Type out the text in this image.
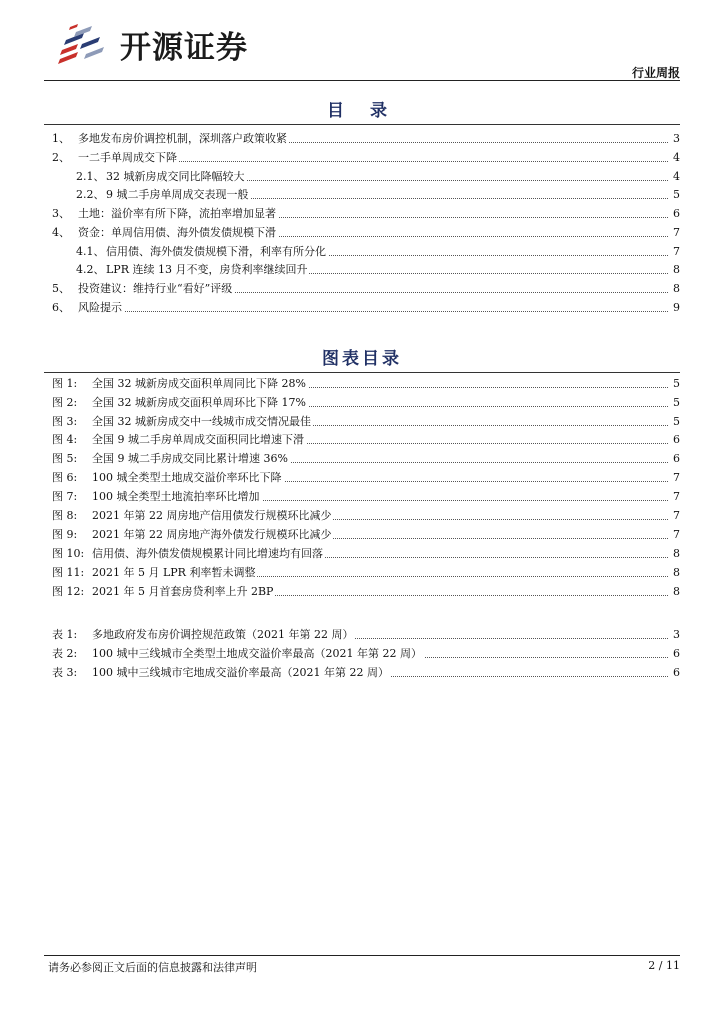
开源证券
行业周报
目 录
1、 多地发布房价调控机制，深圳落户政策收紧	3
2、 一二手单周成交下降	4
2.1、 32 城新房成交同比降幅较大	4
2.2、 9 城二手房单周成交表现一般	5
3、 土地：溢价率有所下降，流拍率增加显著	6
4、 资金：单周信用债、海外债发债规模下滑	7
4.1、 信用债、海外债发债规模下滑，利率有所分化	7
4.2、 LPR 连续 13 月不变，房贷利率继续回升	8
5、 投资建议：维持行业“看好”评级	8
6、 风险提示	9
图表目录
图 1: 全国 32 城新房成交面积单周同比下降 28%	5
图 2: 全国 32 城新房成交面积单周环比下降 17%	5
图 3: 全国 32 城新房成交中一线城市成交情况最佳	5
图 4: 全国 9 城二手房单周成交面积同比增速下滑	6
图 5: 全国 9 城二手房成交同比累计增速 36%	6
图 6: 100 城全类型土地成交溢价率环比下降	7
图 7: 100 城全类型土地流拍率环比增加	7
图 8: 2021 年第 22 周房地产信用债发行规模环比减少	7
图 9: 2021 年第 22 周房地产海外债发行规模环比减少	7
图 10: 信用债、海外债发债规模累计同比增速均有回落	8
图 11: 2021 年 5 月 LPR 利率暂未调整	8
图 12: 2021 年 5 月首套房贷利率上升 2BP	8
表 1: 多地政府发布房价调控规范政策（2021 年第 22 周）	3
表 2: 100 城中三线城市全类型土地成交溢价率最高（2021 年第 22 周）	6
表 3: 100 城中三线城市宅地成交溢价率最高（2021 年第 22 周）	6
请务必参阅正文后面的信息披露和法律声明	2 / 11
